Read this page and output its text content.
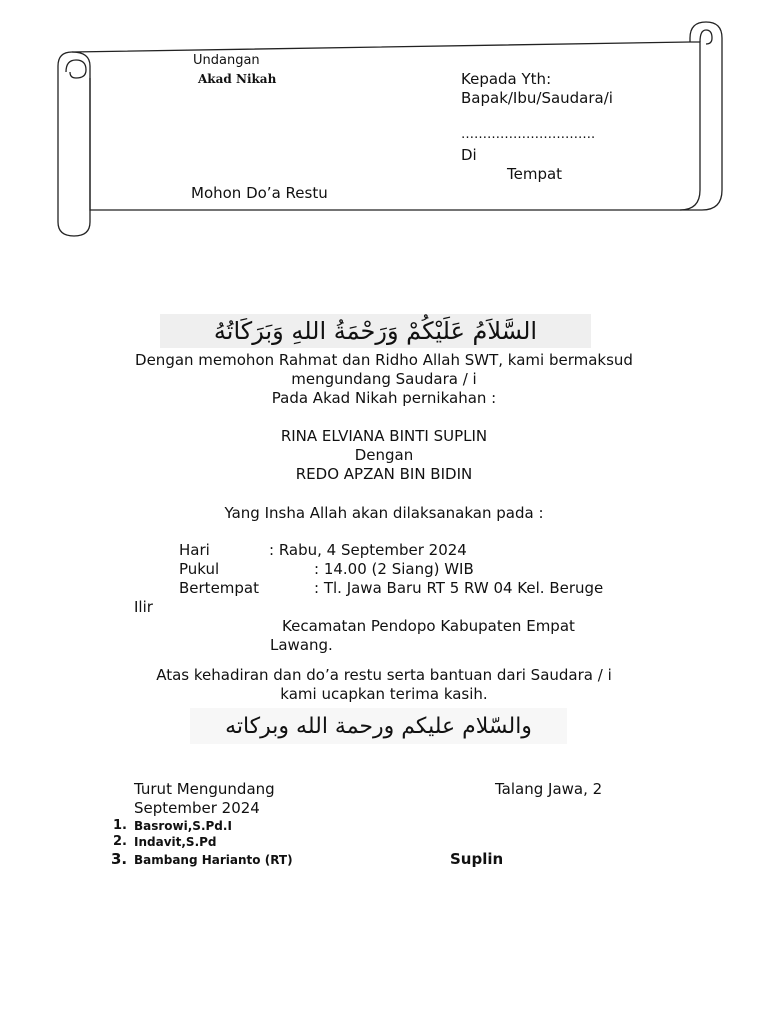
Undangan
Akad Nikah	Kepada Yth:
Bapak/Ibu/Saudara/i
………………………….
Di
Tempat
Mohon Do’a Restu
السَّلاَمُ عَلَيْكُمْ وَرَحْمَةُ اللهِ وَبَرَكَاتُهُ
Dengan memohon Rahmat dan Ridho Allah SWT, kami bermaksud
mengundang Saudara / i
Pada Akad Nikah pernikahan :
RINA ELVIANA BINTI SUPLIN
Dengan
REDO APZAN BIN BIDIN
Yang Insha Allah akan dilaksanakan pada :
Hari	: Rabu, 4 September 2024
Pukul	: 14.00 (2 Siang) WIB
Bertempat	: Tl. Jawa Baru RT 5 RW 04 Kel. Beruge
Ilir
Kecamatan Pendopo Kabupaten Empat
Lawang.
Atas kehadiran dan do’a restu serta bantuan dari Saudara / i
kami ucapkan terima kasih.
والسّلام عليكم ورحمة الله وبركاته
Turut Mengundang	Talang Jawa, 2
September 2024
1. Basrowi,S.Pd.I
2. Indavit,S.Pd
3. Bambang Harianto (RT)	Suplin
